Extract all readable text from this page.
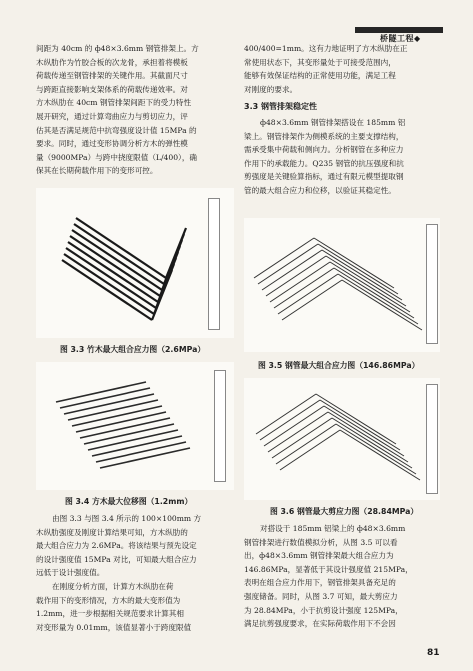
桥隧工程◆

间距为 40cm 的 ф48×3.6mm 钢管排架上。方

木纵肋作为竹胶合板的次龙骨，承担着将模板

荷载传递至钢管排架的关键作用。其截面尺寸

与跨距直接影响支架体系的荷载传递效率。对

方木纵肋在 40cm 钢管排架间距下的受力特性

展开研究，通过计算弯曲应力与剪切应力，评

估其是否满足规范中抗弯强度设计值 15MPa 的

要求。同时，通过变形协调分析方木的弹性模

量（9000MPa）与跨中挠度限值（L/400），确

保其在长期荷载作用下的变形可控。

图 3.3 竹木最大组合应力图（2.6MPa）
图 3.4 方木最大位移图（1.2mm）

由图 3.3 与图 3.4 所示的 100×100mm 方

木纵肋强度及刚度计算结果可知，方木纵肋的

最大组合应力为 2.6MPa。将该结果与预先设定

的设计强度值 15MPa 对比，可知最大组合应力

远低于设计强度值。

在刚度分析方面，计算方木纵肋在荷

载作用下的变形情况，方木的最大变形值为

1.2mm，进一步根据相关规范要求计算其相

对变形量为 0.01mm，该值显著小于跨度限值

400/400=1mm。这有力地证明了方木纵肋在正

常使用状态下，其变形量处于可接受范围内，

能够有效保证结构的正常使用功能，满足工程

对刚度的要求。

3.3 钢管排架稳定性

ф48×3.6mm 钢管排架搭设在 185mm 铝

梁上。钢管排架作为侧模系统的主要支撑结构，

需承受集中荷载和侧向力。分析钢管在多种应力

作用下的承载能力。Q235 钢管的抗压强度和抗

剪强度是关键验算指标，通过有限元模型提取钢

管的最大组合应力和位移，以验证其稳定性。

图 3.5 钢管最大组合应力图（146.86MPa）
图 3.6 钢管最大剪应力图（28.84MPa）

对搭设于 185mm 铝梁上的 ф48×3.6mm

钢管排架进行数值模拟分析，从图 3.5 可以看

出，ф48×3.6mm 钢管排架最大组合应力为

146.86MPa，显著低于其设计强度值 215MPa，

表明在组合应力作用下，钢管排架具备充足的

强度储备。同时，从图 3.7 可知，最大剪应力

为 28.84MPa，小于抗剪设计强度 125MPa，

满足抗剪强度要求，在实际荷载作用下不会因

81
